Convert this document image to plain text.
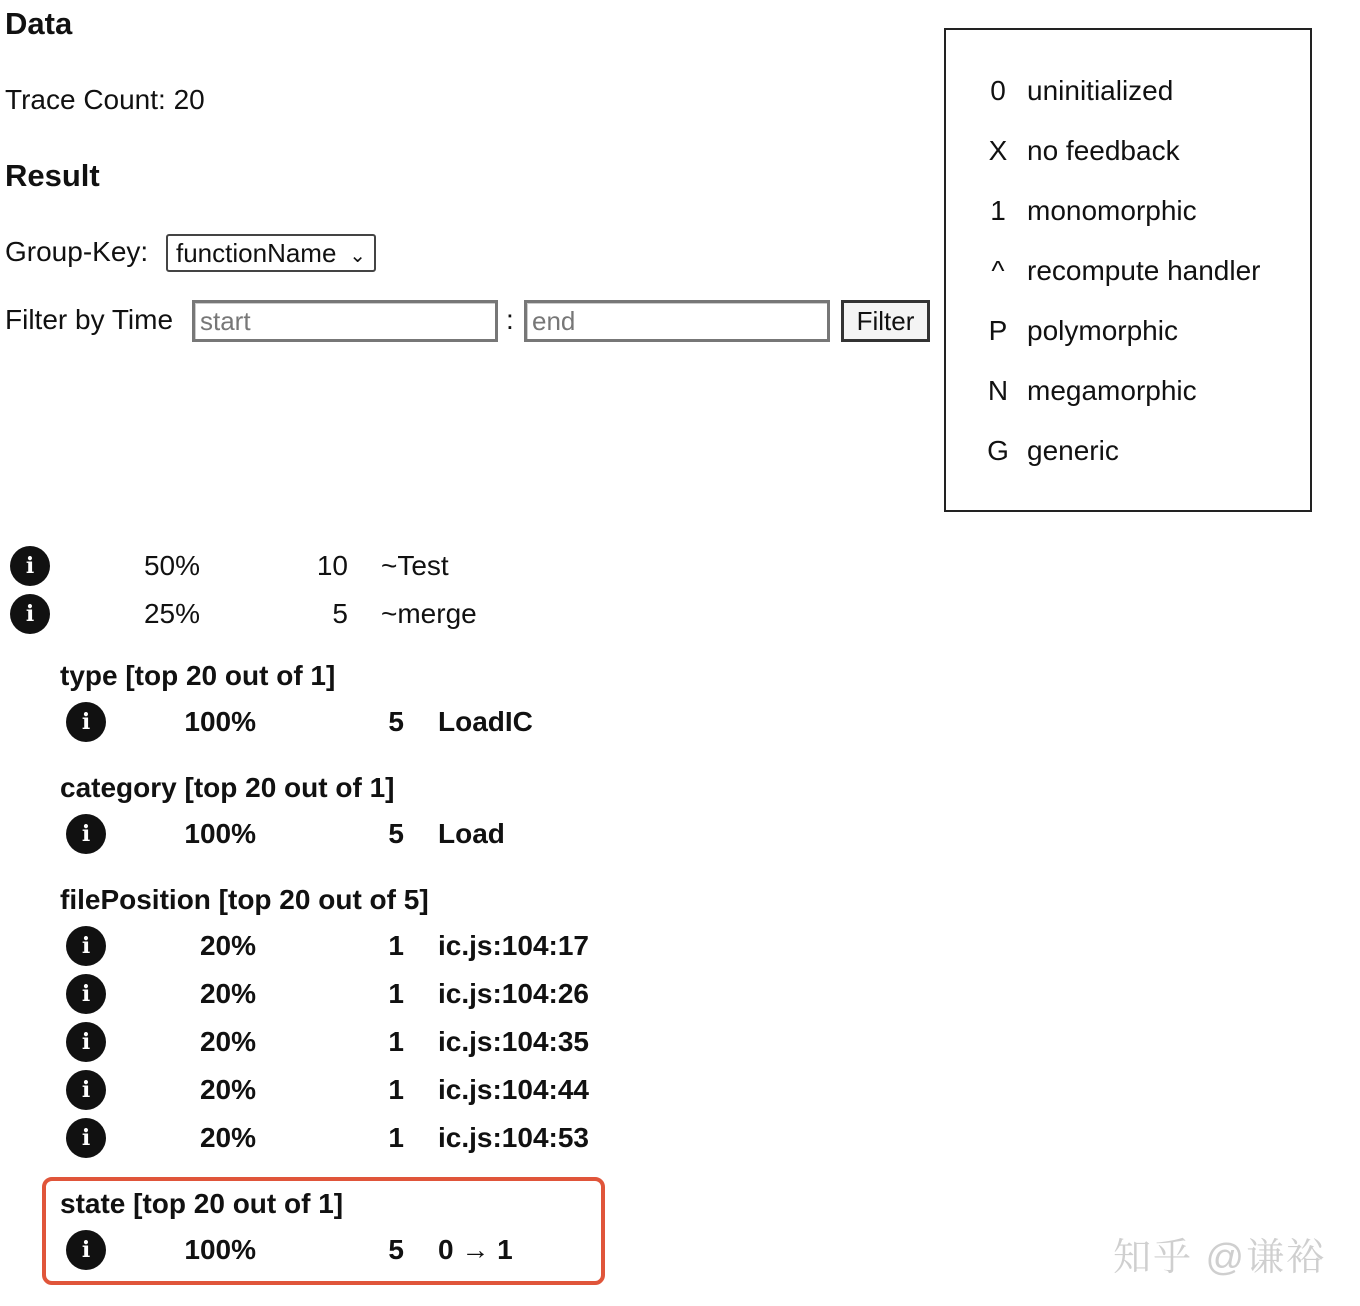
Data
Trace Count: 20
Result
Group-Key: functionName ⌄
Filter by Time
start	:
end	Filter
0 uninitialized
X no feedback
1 monomorphic
^ recompute handler
P polymorphic
N megamorphic
G generic
i	50%	10 ~Test
i	25%	5 ~merge
type [top 20 out of 1]
i	100%	5 LoadIC
category [top 20 out of 1]
i	100%	5 Load
filePosition [top 20 out of 5]
i	20%	1 ic.js:104:17
i	20%	1 ic.js:104:26
i	20%	1 ic.js:104:35
i	20%	1 ic.js:104:44
i	20%	1 ic.js:104:53
state [top 20 out of 1]
i	100%	5 0 → 1	知乎 @谦裕
